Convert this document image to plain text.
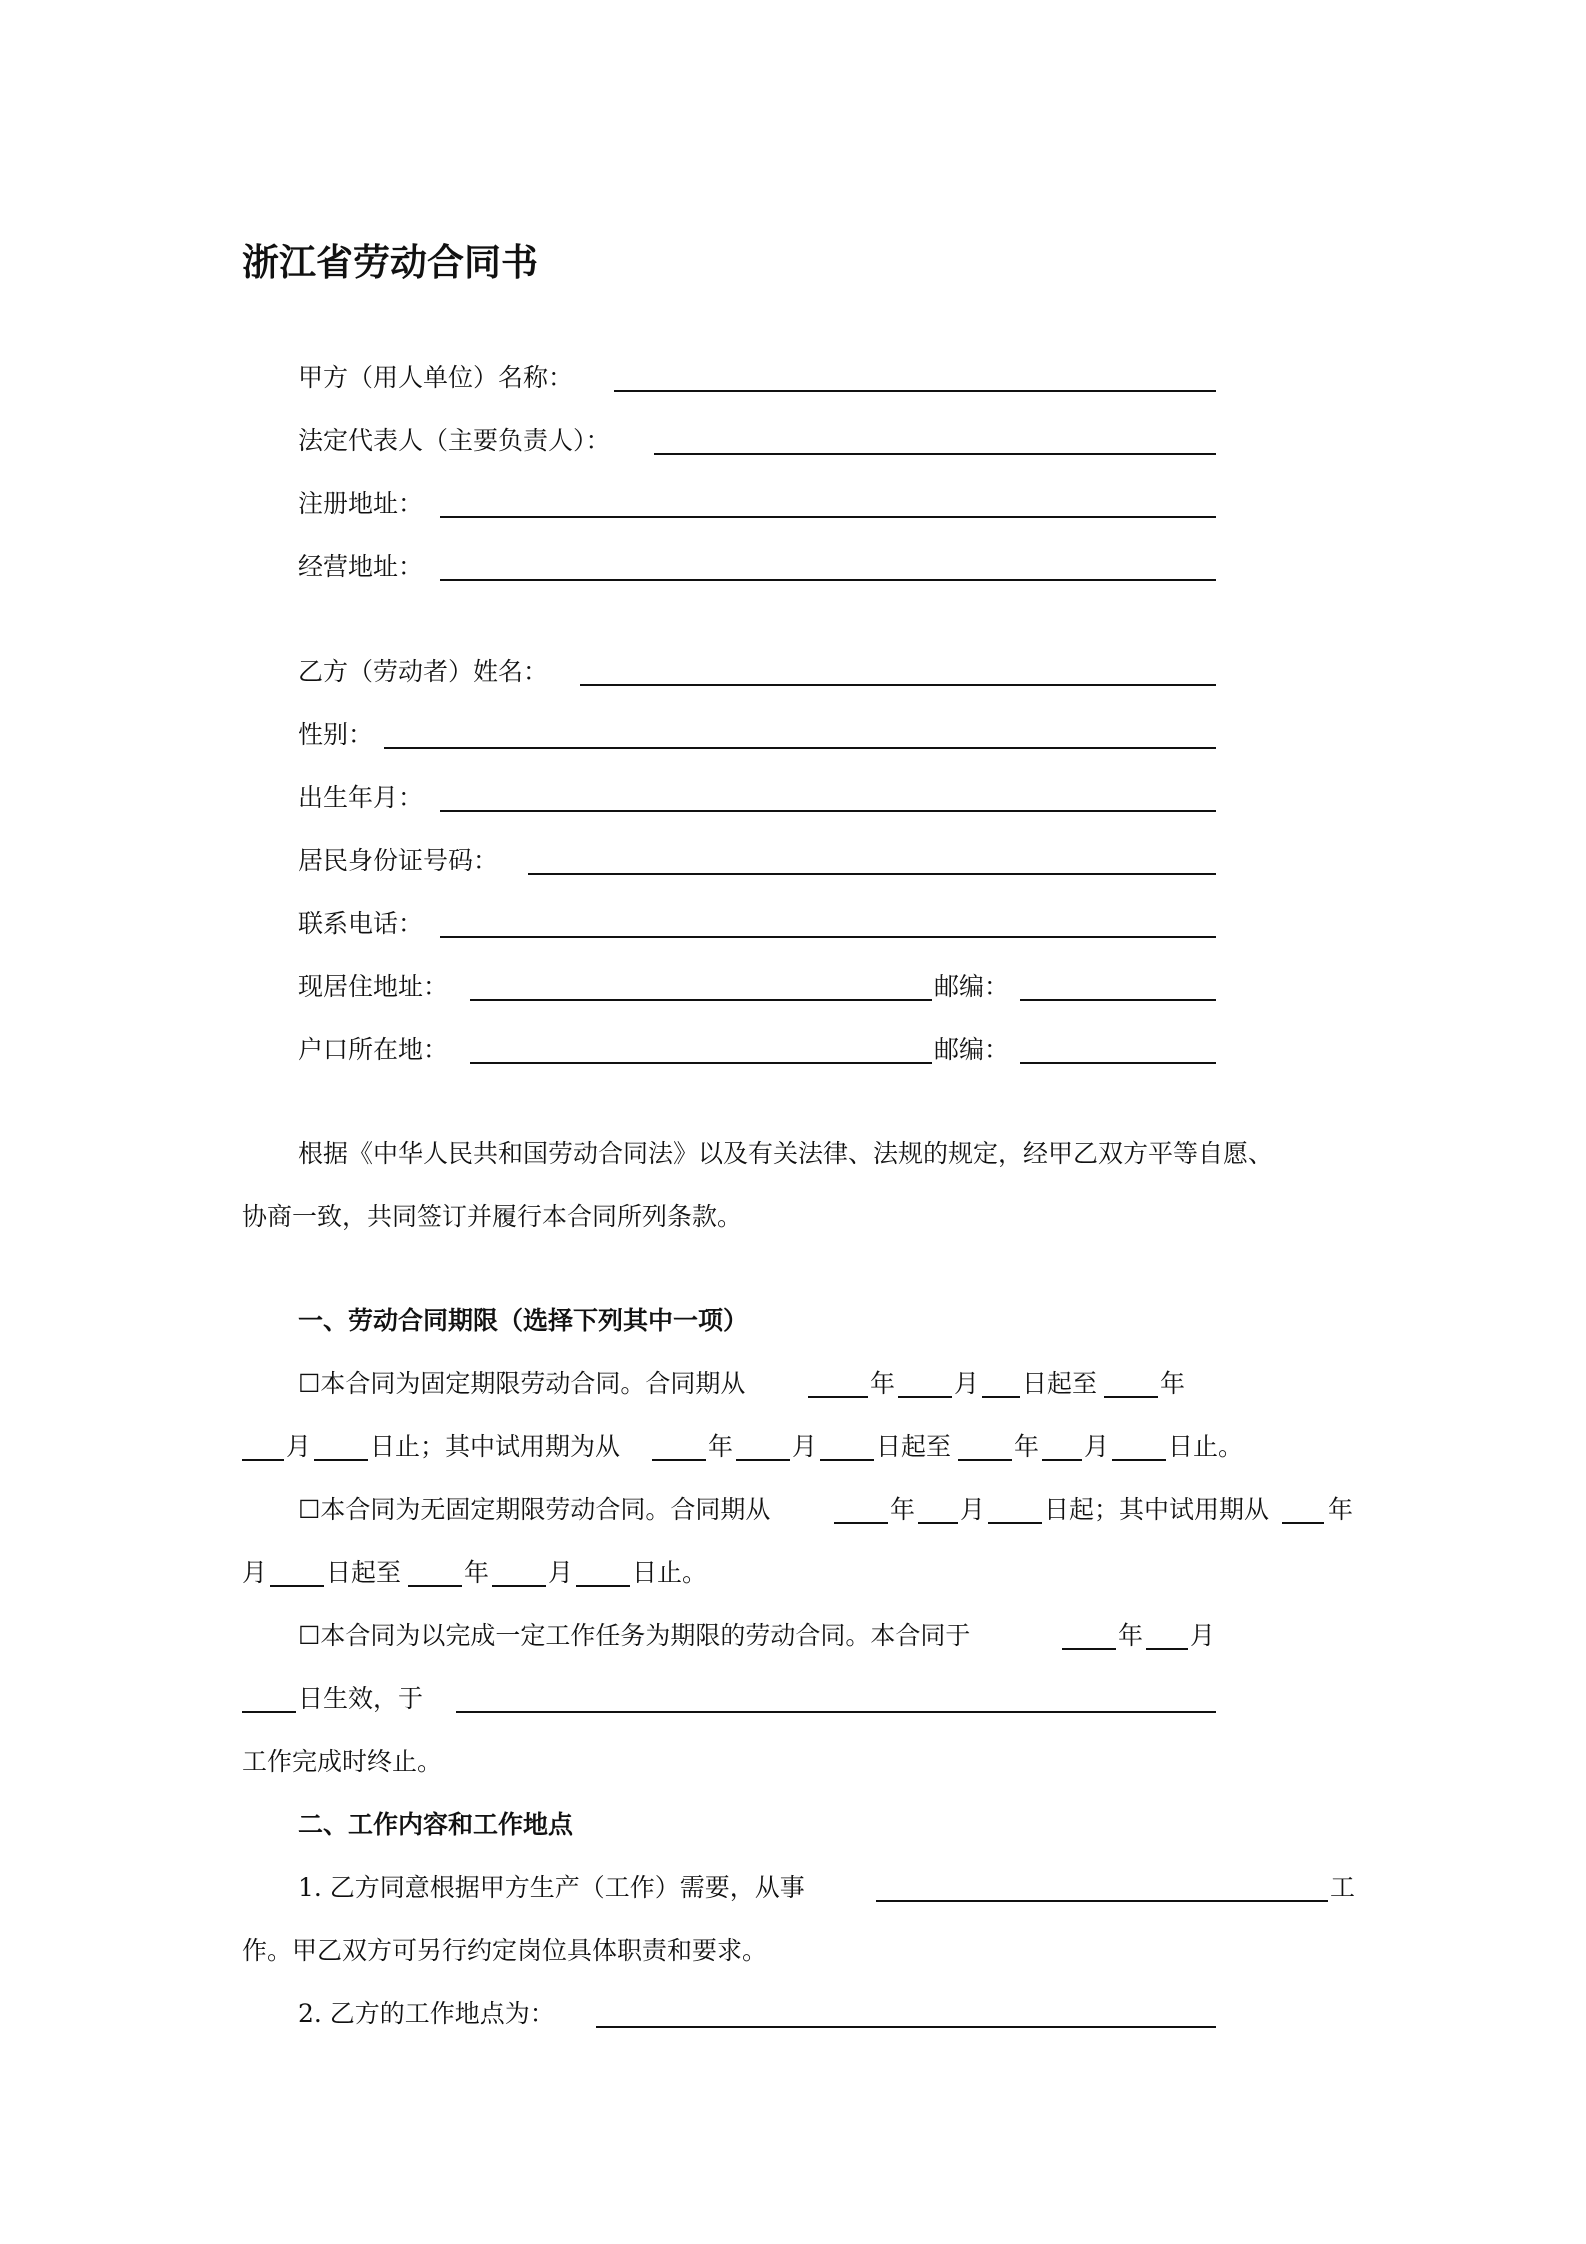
浙江省劳动合同书
甲方（用人单位）名称：
法定代表人（主要负责人）：
注册地址：
经营地址：
乙方（劳动者）姓名：
性别：
出生年月：
居民身份证号码：
联系电话：
现居住地址：	邮编：
户口所在地：	邮编：
根据《中华人民共和国劳动合同法》以及有关法律、法规的规定，经甲乙双方平等自愿、
协商一致，共同签订并履行本合同所列条款。
一、劳动合同期限（选择下列其中一项）
☐本合同为固定期限劳动合同。合同期从	年 月 日起至	年
月 日止；其中试用期为从	年 月 日起至	年 月 日止。
☐本合同为无固定期限劳动合同。合同期从	年 月 日起；其中试用期从 年
月 日起至	年 月 日止。
☐本合同为以完成一定工作任务为期限的劳动合同。本合同于	年 月
日生效，于
工作完成时终止。
二、工作内容和工作地点
1. 乙方同意根据甲方生产（工作）需要，从事	工
作。甲乙双方可另行约定岗位具体职责和要求。
2. 乙方的工作地点为：
